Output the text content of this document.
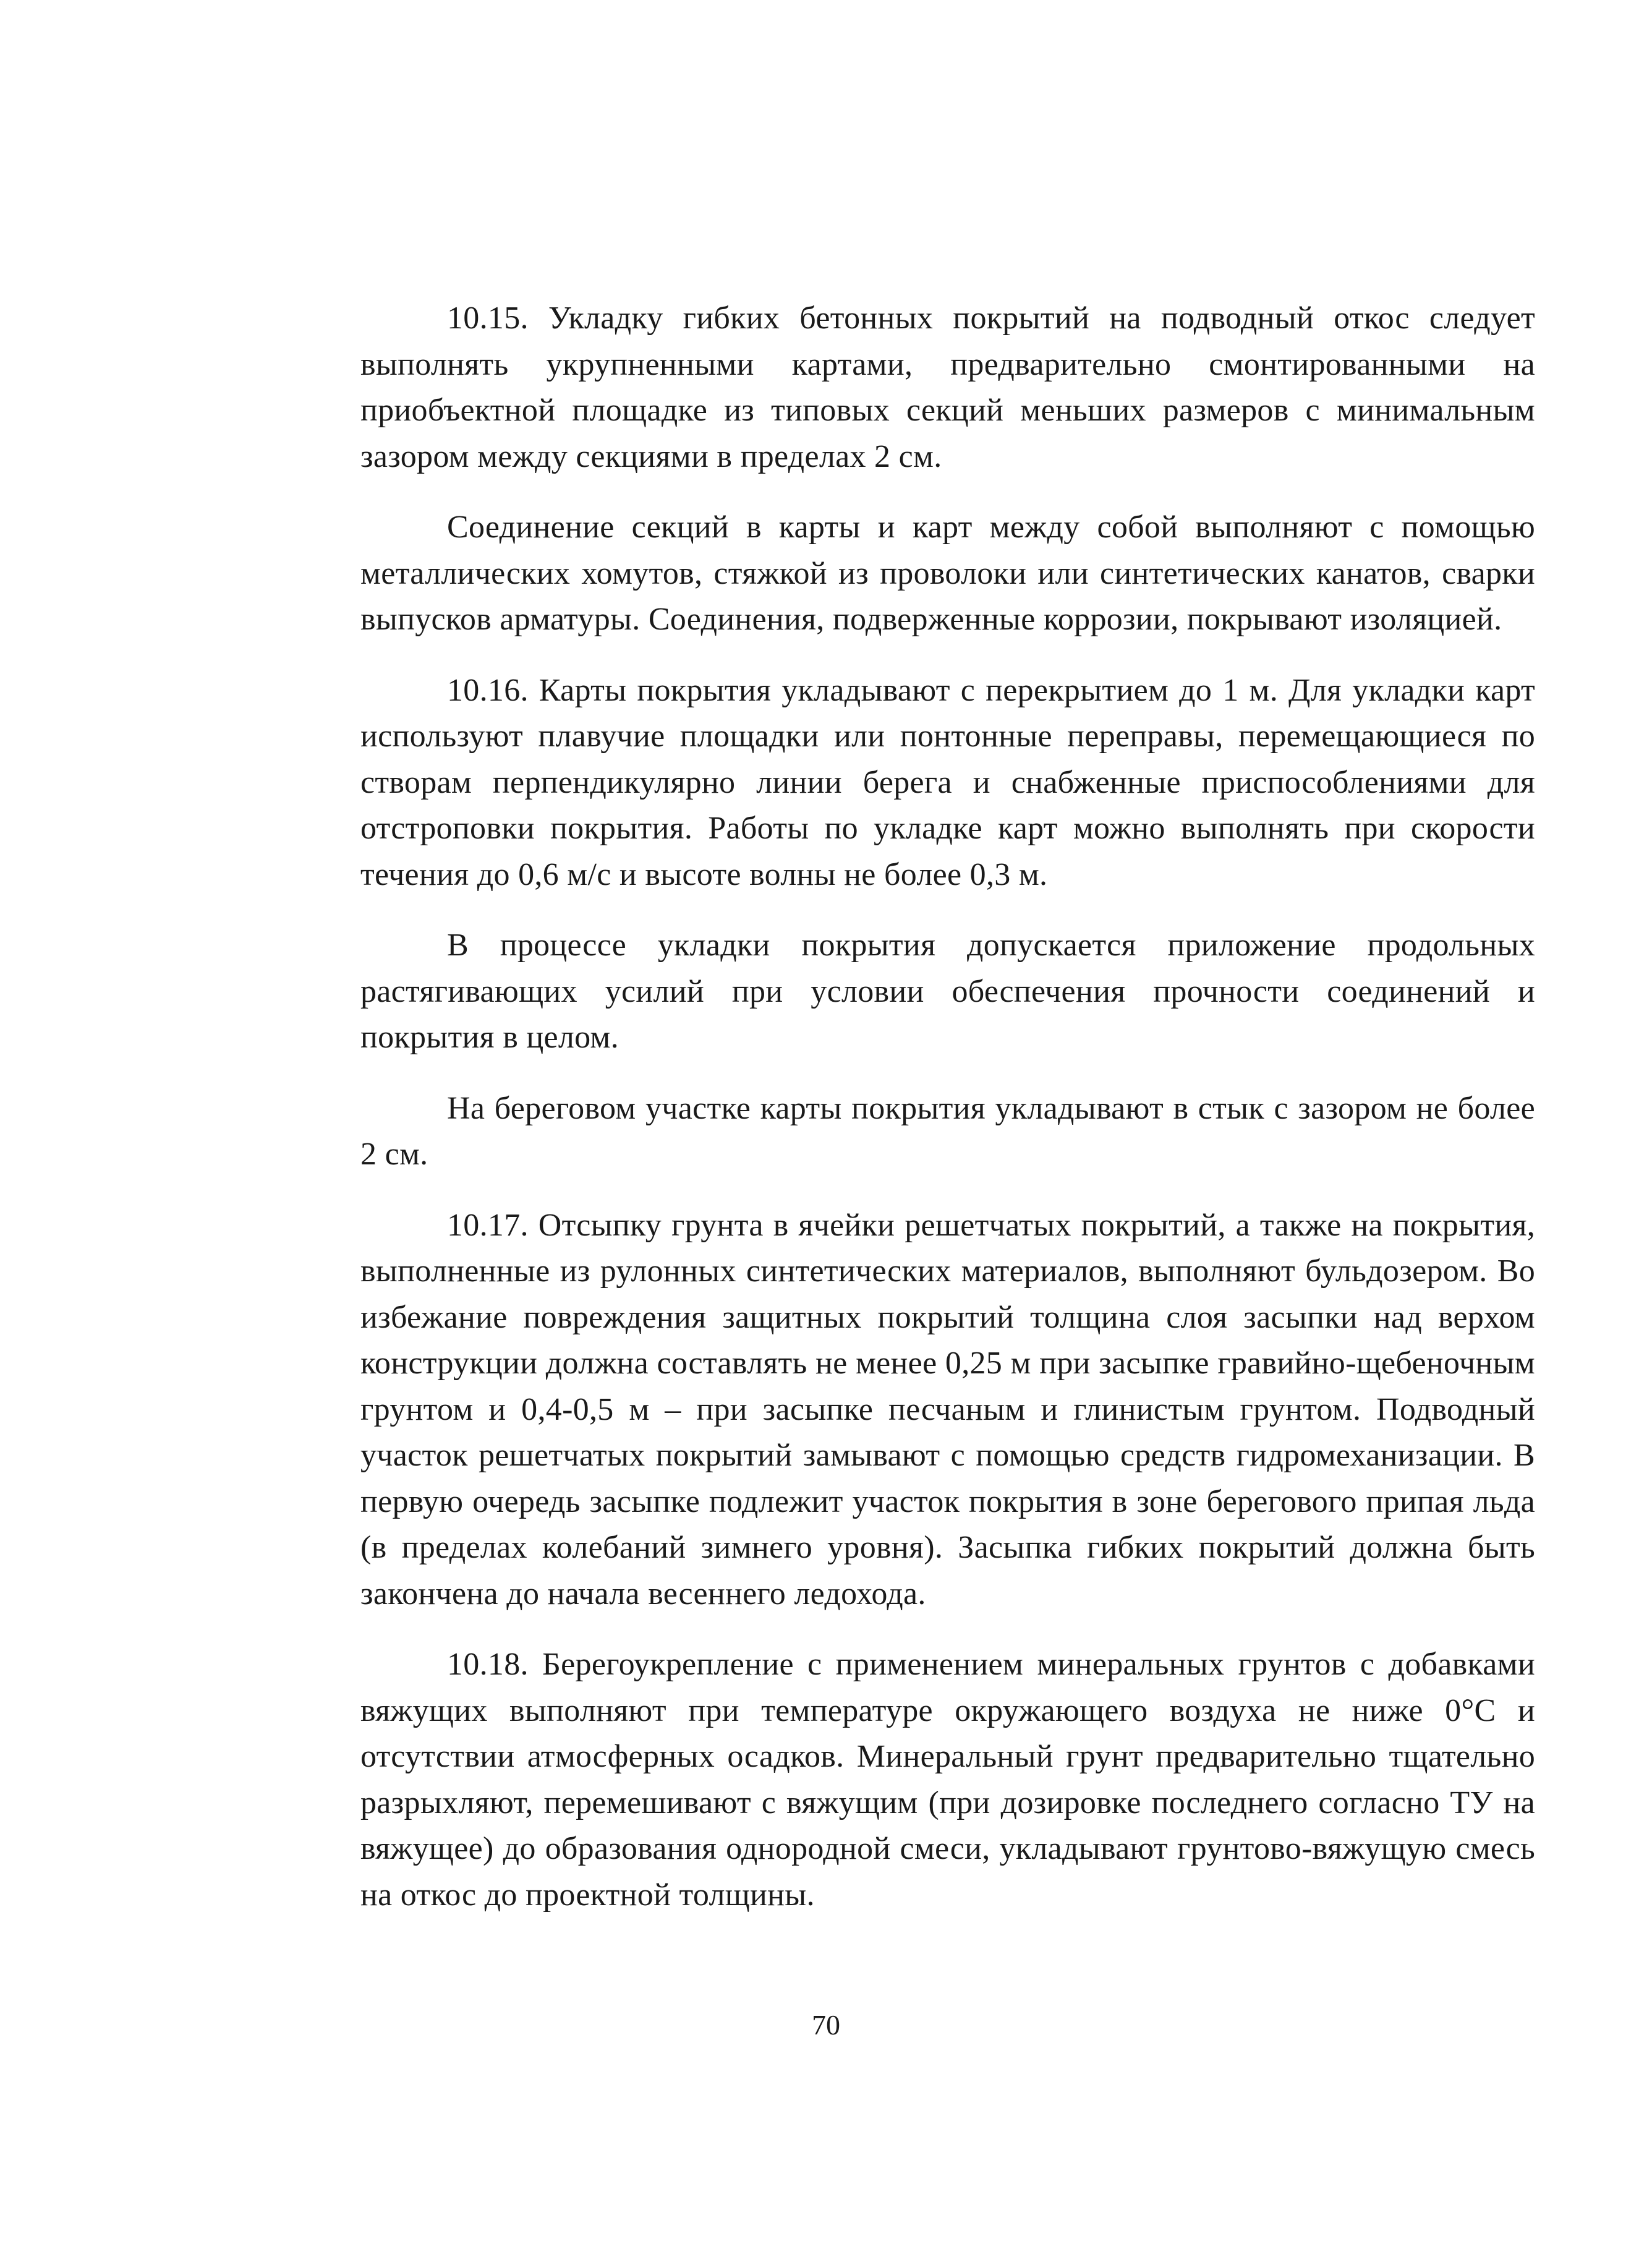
10.15. Укладку гибких бетонных покрытий на подводный откос следует выполнять укрупненными картами, предварительно смонтированными на приобъектной площадке из типовых секций меньших размеров с минимальным зазором между секциями в пределах 2 см.

Соединение секций в карты и карт между собой выполняют с помощью металлических хомутов, стяжкой из проволоки или синтетических канатов, сварки выпусков арматуры. Соединения, подверженные коррозии, покрывают изоляцией.

10.16. Карты покрытия укладывают с перекрытием до 1 м. Для укладки карт используют плавучие площадки или понтонные переправы, перемещающиеся по створам перпендикулярно линии берега и снабженные приспособлениями для отстроповки покрытия. Работы по укладке карт можно выполнять при скорости течения до 0,6 м/с и высоте волны не более 0,3 м.

В процессе укладки покрытия допускается приложение продольных растягивающих усилий при условии обеспечения прочности соединений и покрытия в целом.

На береговом участке карты покрытия укладывают в стык с зазором не более 2 см.

10.17. Отсыпку грунта в ячейки решетчатых покрытий, а также на покрытия, выполненные из рулонных синтетических материалов, выполняют бульдозером. Во избежание повреждения защитных покрытий толщина слоя засыпки над верхом конструкции должна составлять не менее 0,25 м при засыпке гравийно-щебеночным грунтом и 0,4-0,5 м – при засыпке песчаным и глинистым грунтом. Подводный участок решетчатых покрытий замывают с помощью средств гидромеханизации. В первую очередь засыпке подлежит участок покрытия в зоне берегового припая льда (в пределах колебаний зимнего уровня). Засыпка гибких покрытий должна быть закончена до начала весеннего ледохода.

10.18. Берегоукрепление с применением минеральных грунтов с добавками вяжущих выполняют при температуре окружающего воздуха не ниже 0°С и отсутствии атмосферных осадков. Минеральный грунт предварительно тщательно разрыхляют, перемешивают с вяжущим (при дозировке последнего согласно ТУ на вяжущее) до образования однородной смеси, укладывают грунтово-вяжущую смесь на откос до проектной толщины.

70
